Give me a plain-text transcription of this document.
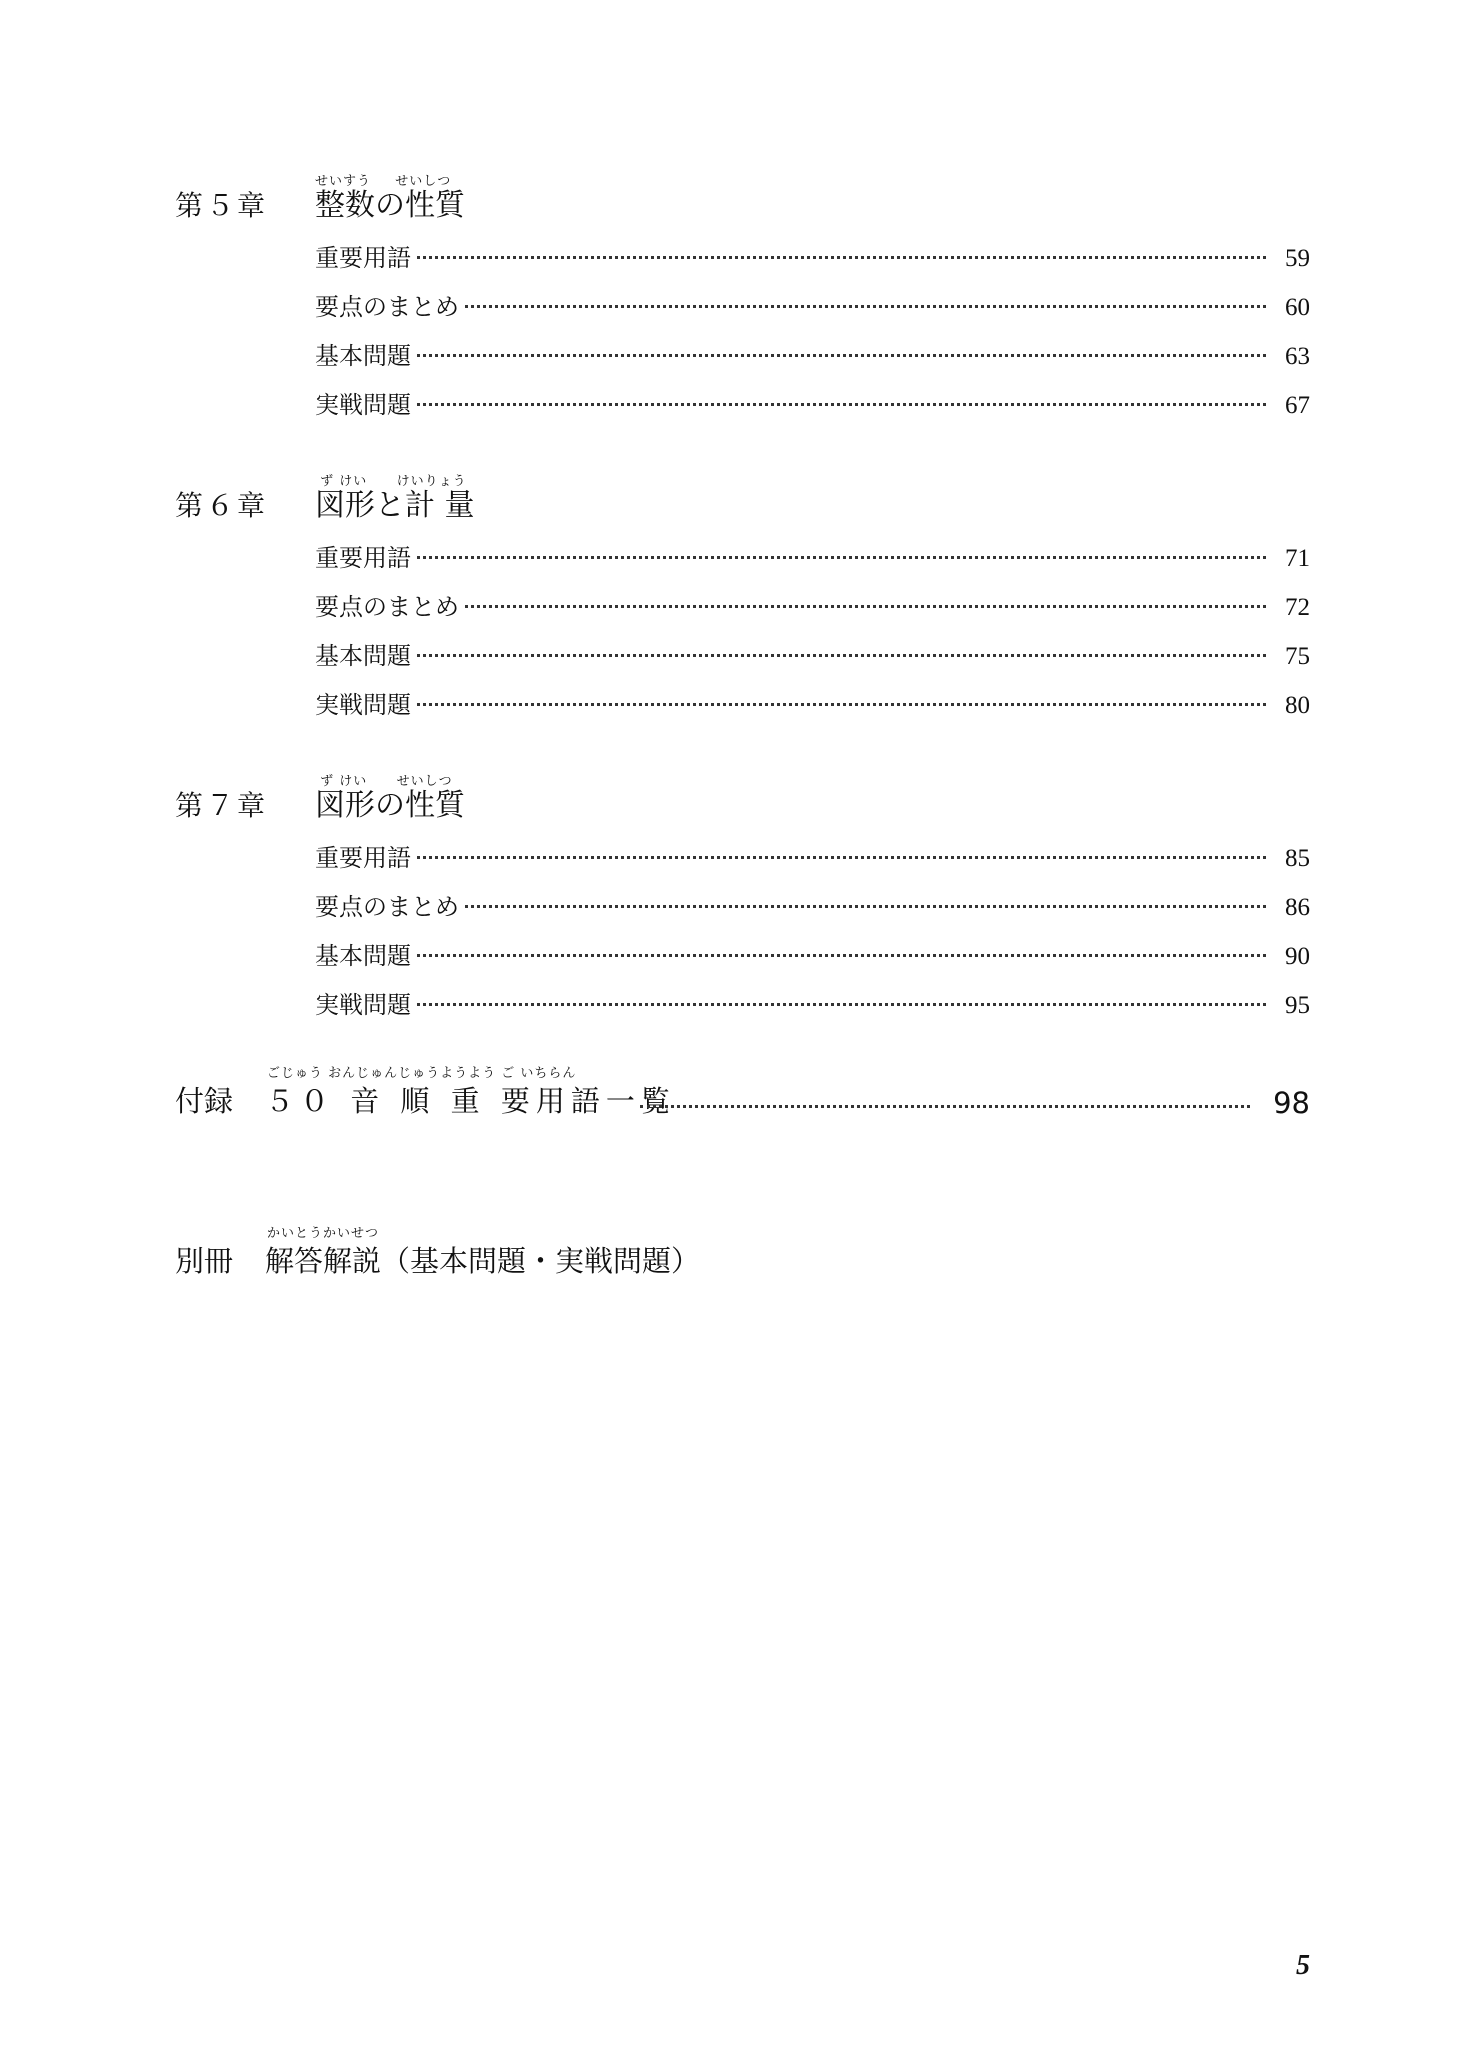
せいすう　  せいしつ
第５章 整数の性質
重要用語	59
要点のまとめ	60
基本問題	63
実戦問題	67
ず けい 　  けいりょう
第６章 図形と計 量
重要用語	71
要点のまとめ	72
基本問題	75
実戦問題	80
ず けい 　  せいしつ
第７章 図形の性質
重要用語	85
要点のまとめ	86
基本問題	90
実戦問題	95
ごじゅう おんじゅんじゅうようよう ご いちらん
付録 ５０ 音 順 重 要用語一覧	98
かいとうかいせつ
別冊 解答解説（基本問題・実戦問題）
5
